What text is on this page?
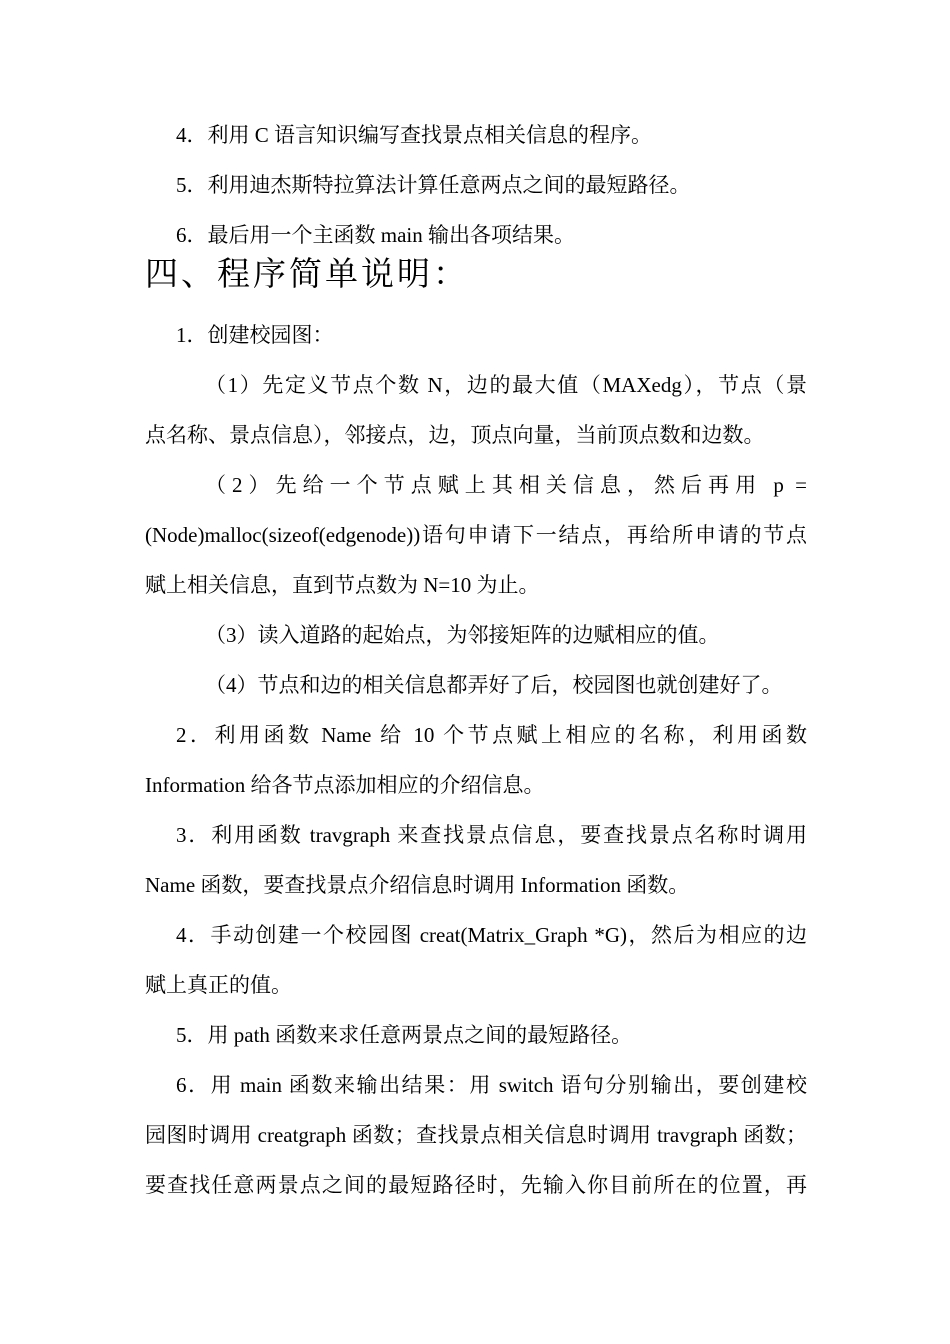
4．利用 C 语言知识编写查找景点相关信息的程序。
5．利用迪杰斯特拉算法计算任意两点之间的最短路径。
6．最后用一个主函数 main 输出各项结果。
四、程序简单说明：
1．创建校园图：
（1）先定义节点个数 N，边的最大值（MAXedg），节点（景
点名称、景点信息），邻接点，边，顶点向量，当前顶点数和边数。
（2）先给一个节点赋上其相关信息，然后再用 p =
(Node)malloc(sizeof(edgenode))语句申请下一结点，再给所申请的节点
赋上相关信息，直到节点数为 N=10 为止。
（3）读入道路的起始点，为邻接矩阵的边赋相应的值。
（4）节点和边的相关信息都弄好了后，校园图也就创建好了。
2．利用函数 Name 给 10 个节点赋上相应的名称，利用函数
Information 给各节点添加相应的介绍信息。
3．利用函数 travgraph 来查找景点信息，要查找景点名称时调用
Name 函数，要查找景点介绍信息时调用 Information 函数。
4．手动创建一个校园图 creat(Matrix_Graph *G)，然后为相应的边
赋上真正的值。
5．用 path 函数来求任意两景点之间的最短路径。
6．用 main 函数来输出结果：用 switch 语句分别输出，要创建校
园图时调用 creatgraph 函数；查找景点相关信息时调用 travgraph 函数；
要查找任意两景点之间的最短路径时，先输入你目前所在的位置，再
